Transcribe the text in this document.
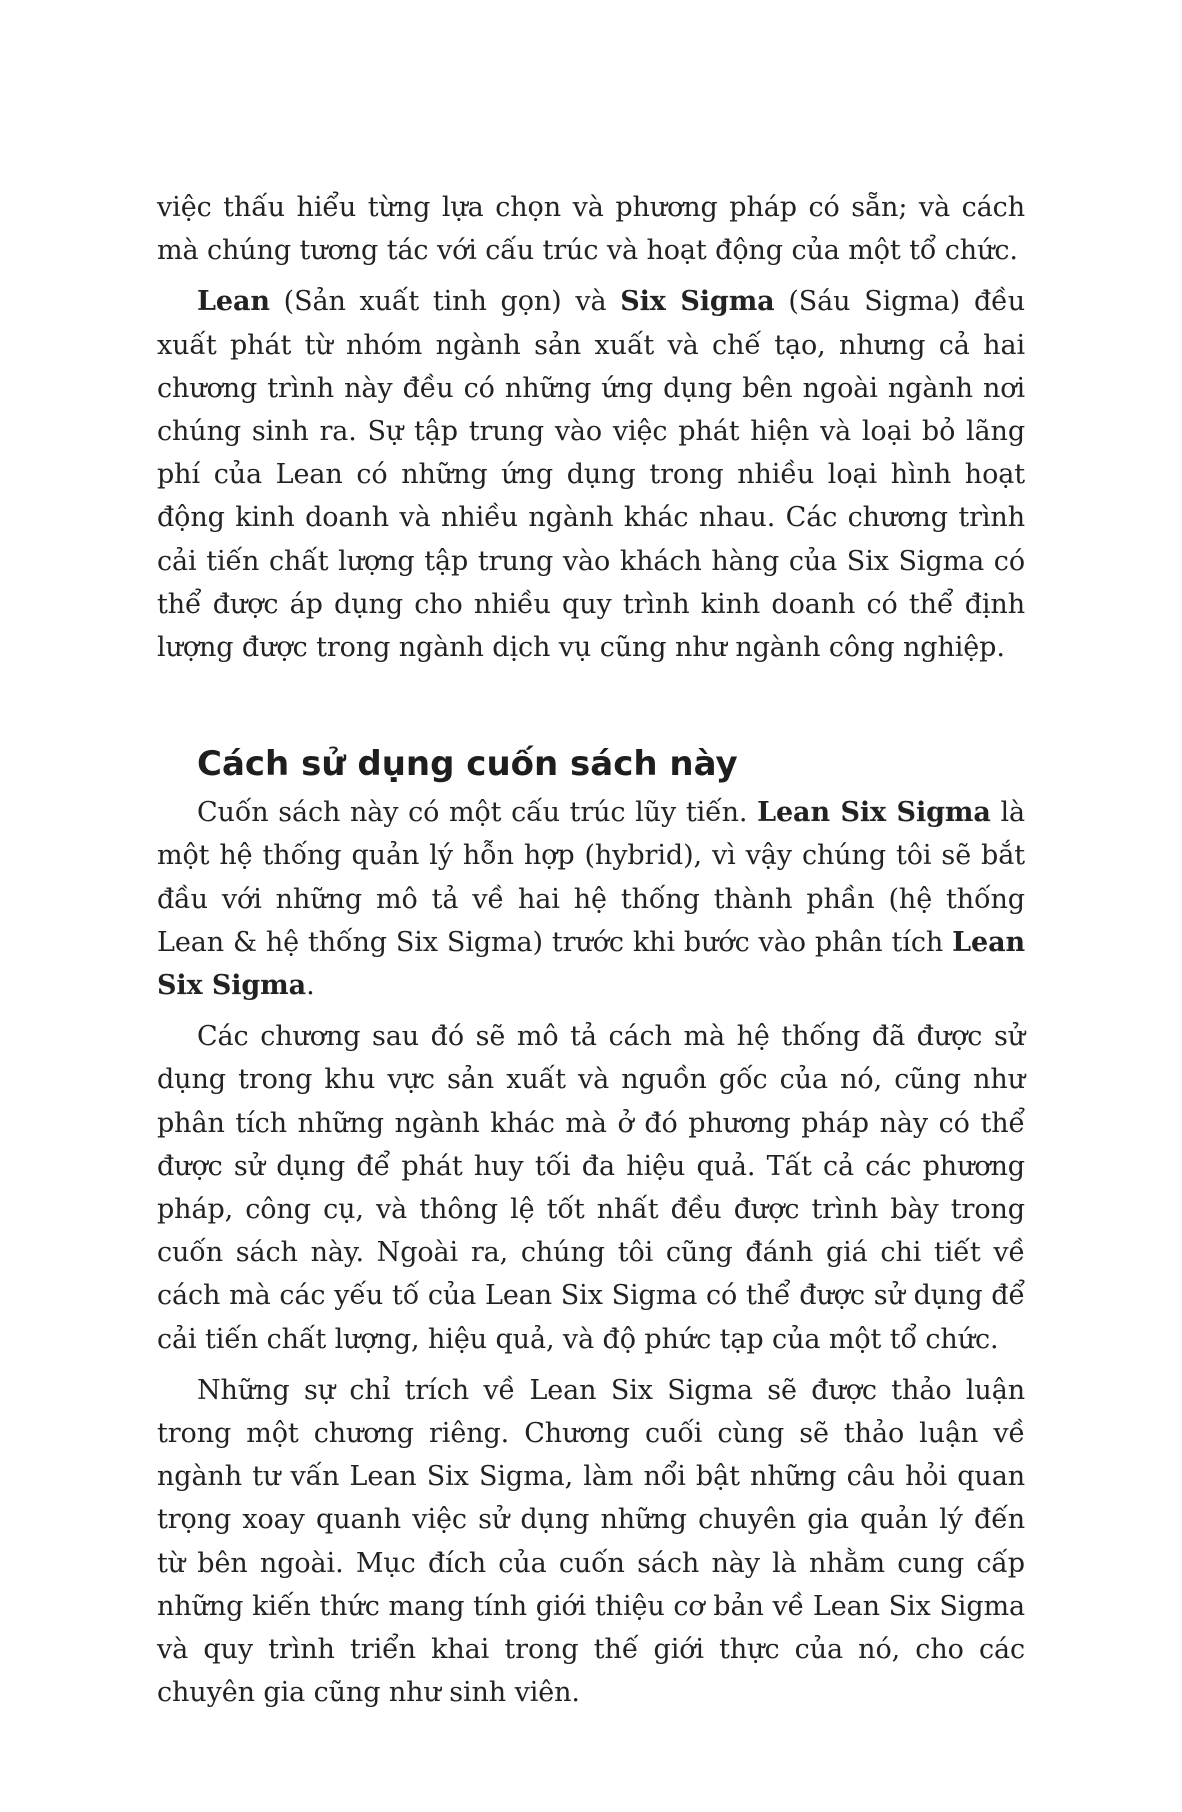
việc thấu hiểu từng lựa chọn và phương pháp có sẵn; và cách mà chúng tương tác với cấu trúc và hoạt động của một tổ chức.

Lean (Sản xuất tinh gọn) và Six Sigma (Sáu Sigma) đều xuất phát từ nhóm ngành sản xuất và chế tạo, nhưng cả hai chương trình này đều có những ứng dụng bên ngoài ngành nơi chúng sinh ra. Sự tập trung vào việc phát hiện và loại bỏ lãng phí của Lean có những ứng dụng trong nhiều loại hình hoạt động kinh doanh và nhiều ngành khác nhau. Các chương trình cải tiến chất lượng tập trung vào khách hàng của Six Sigma có thể được áp dụng cho nhiều quy trình kinh doanh có thể định lượng được trong ngành dịch vụ cũng như ngành công nghiệp.

Cách sử dụng cuốn sách này

Cuốn sách này có một cấu trúc lũy tiến. Lean Six Sigma là một hệ thống quản lý hỗn hợp (hybrid), vì vậy chúng tôi sẽ bắt đầu với những mô tả về hai hệ thống thành phần (hệ thống Lean & hệ thống Six Sigma) trước khi bước vào phân tích Lean Six Sigma.

Các chương sau đó sẽ mô tả cách mà hệ thống đã được sử dụng trong khu vực sản xuất và nguồn gốc của nó, cũng như phân tích những ngành khác mà ở đó phương pháp này có thể được sử dụng để phát huy tối đa hiệu quả. Tất cả các phương pháp, công cụ, và thông lệ tốt nhất đều được trình bày trong cuốn sách này. Ngoài ra, chúng tôi cũng đánh giá chi tiết về cách mà các yếu tố của Lean Six Sigma có thể được sử dụng để cải tiến chất lượng, hiệu quả, và độ phức tạp của một tổ chức.

Những sự chỉ trích về Lean Six Sigma sẽ được thảo luận trong một chương riêng. Chương cuối cùng sẽ thảo luận về ngành tư vấn Lean Six Sigma, làm nổi bật những câu hỏi quan trọng xoay quanh việc sử dụng những chuyên gia quản lý đến từ bên ngoài. Mục đích của cuốn sách này là nhằm cung cấp những kiến thức mang tính giới thiệu cơ bản về Lean Six Sigma và quy trình triển khai trong thế giới thực của nó, cho các chuyên gia cũng như sinh viên.
